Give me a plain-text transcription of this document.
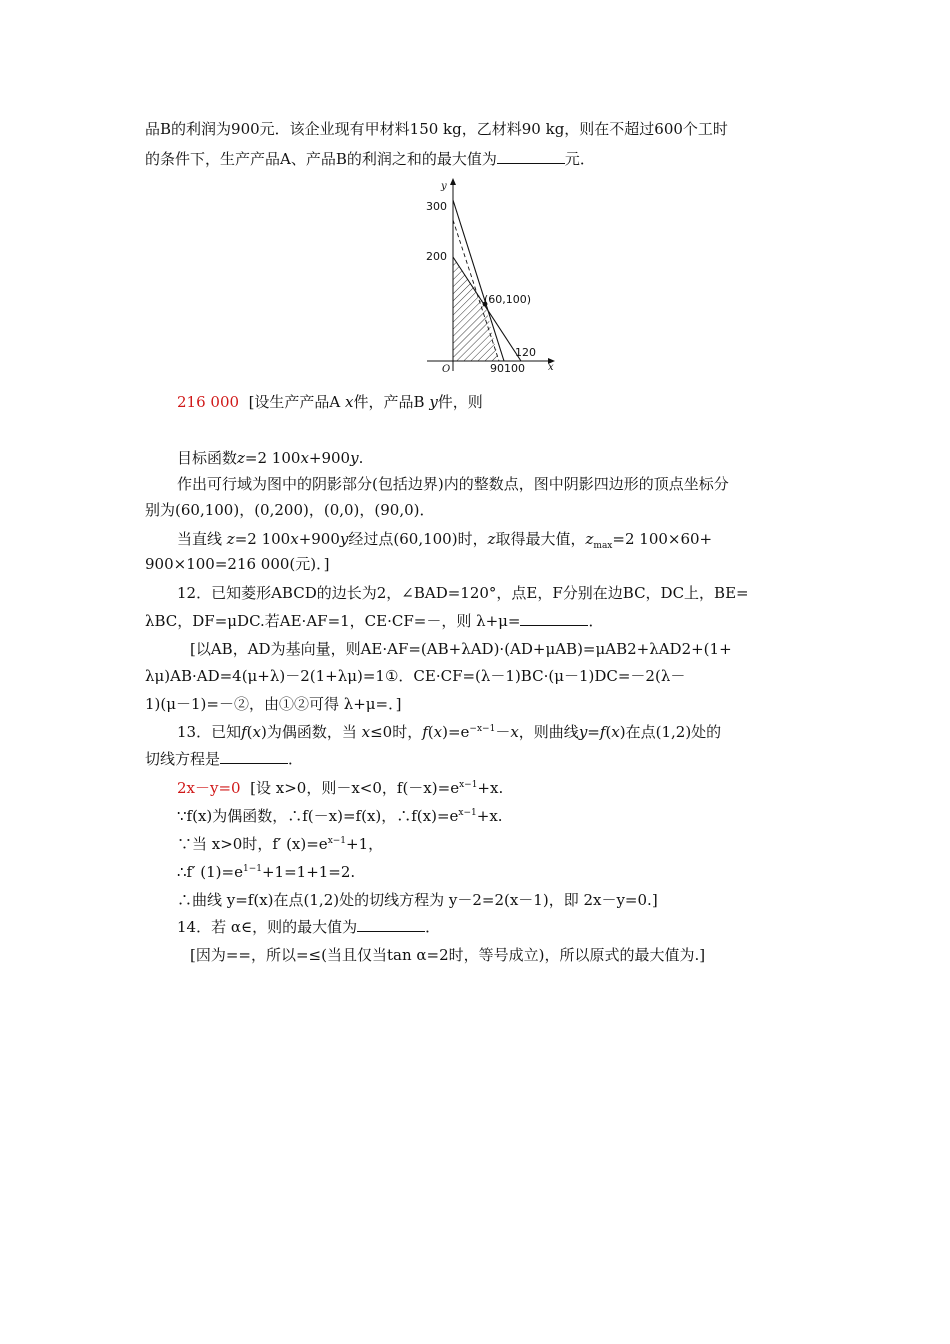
品B的利润为900元．该企业现有甲材料150 kg，乙材料90 kg，则在不超过600个工时
的条件下，生产产品A、产品B的利润之和的最大值为	元．
y
300
200
(60,100)
120
O	90100 x
216 000 [设生产产品A x件，产品B y件，则
目标函数z=2 100x+900y.
作出可行域为图中的阴影部分(包括边界)内的整数点，图中阴影四边形的顶点坐标分
别为(60,100)，(0,200)，(0,0)，(90,0)．
当直线 z=2 100x+900y经过点(60,100)时，z取得最大值，$z_{max}=2$ 100×60+
900×100=216 000(元)．]
12．已知菱形ABCD的边长为2，∠BAD=120°，点E，F分别在边BC，DC上，BE=
λBC，DF=μDC.若AE·AF=1，CE·CF=－，则 λ+μ=	．
[以AB，AD为基向量，则AE·AF=(AB+λAD)·(AD+μAB)=μAB2+λAD2+(1+
λμ)AB·AD=4(μ+λ)－2(1+λμ)=1①．CE·CF=(λ－1)BC·(μ－1)DC=－2(λ－
1)(μ－1)=－②，由①②可得 λ+μ=．]
13．已知f(x)为偶函数，当 x≤0时，$f(x)=e^{-x-1}-x$，则曲线y=f(x)在点(1,2)处的
切线方程是	．
2x－y=0 [设 x>0，则－x<0，$f(-x)=e^{x-1}+x$.
∵f(x)为偶函数，∴f(－x)=f(x)，$\therefore f(x)=e^{x-1}+x$.
∵当 x>0时，f′ $(x)=e^{x-1}+1$，
∴f′ $(1)=e^{1-1}+1=1+1=2$.
∴曲线 y=f(x)在点(1,2)处的切线方程为 y－2=2(x－1)，即 2x－y=0.]
14．若 α∈，则的最大值为	．
[因为==，所以=≤(当且仅当tan α=2时，等号成立)，所以原式的最大值为.]
